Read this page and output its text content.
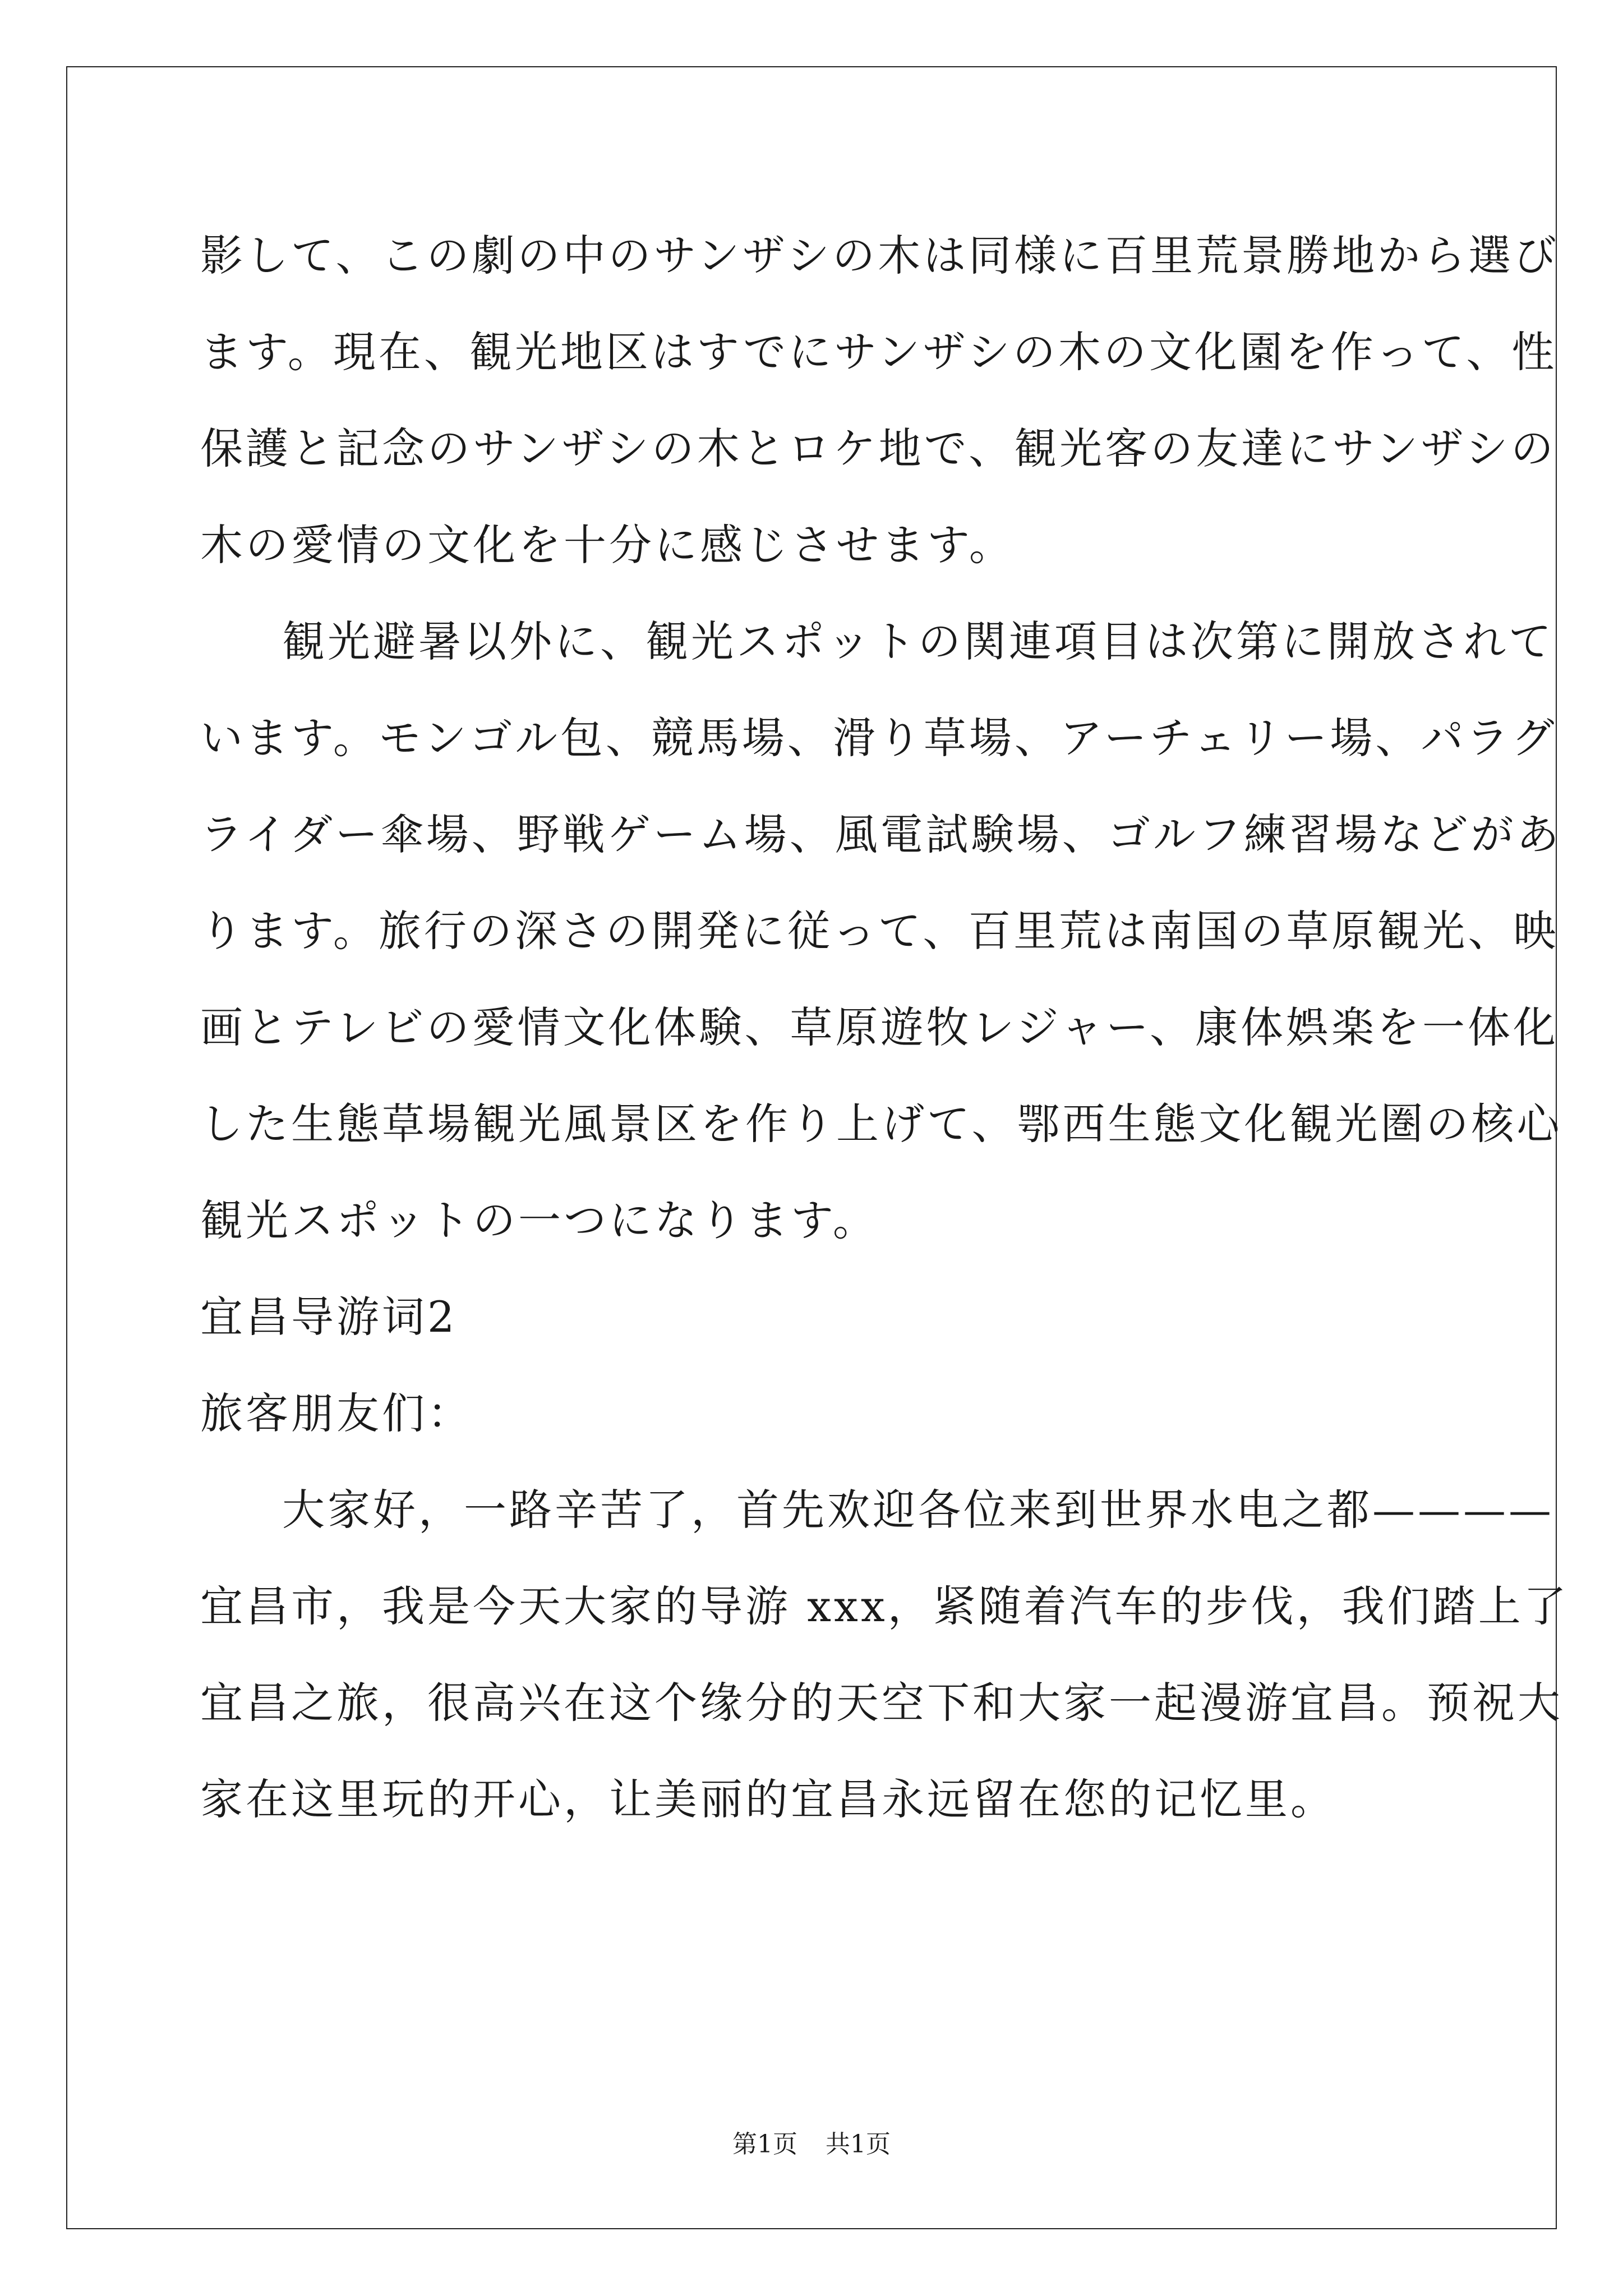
影して、この劇の中のサンザシの木は同様に百里荒景勝地から選び
ます。現在、観光地区はすでにサンザシの木の文化園を作って、性
保護と記念のサンザシの木とロケ地で、観光客の友達にサンザシの
木の愛情の文化を十分に感じさせます。
観光避暑以外に、観光スポットの関連項目は次第に開放されて
います。モンゴル包、競馬場、滑り草場、アーチェリー場、パラグ
ライダー傘場、野戦ゲーム場、風電試験場、ゴルフ練習場などがあ
ります。旅行の深さの開発に従って、百里荒は南国の草原観光、映
画とテレビの愛情文化体験、草原遊牧レジャー、康体娯楽を一体化
した生態草場観光風景区を作り上げて、鄂西生態文化観光圏の核心
観光スポットの一つになります。
宜昌导游词2
旅客朋友们：
大家好，一路辛苦了，首先欢迎各位来到世界水电之都————
宜昌市，我是今天大家的导游 xxx，紧随着汽车的步伐，我们踏上了
宜昌之旅，很高兴在这个缘分的天空下和大家一起漫游宜昌。预祝大
家在这里玩的开心，让美丽的宜昌永远留在您的记忆里。
第1页 共1页
